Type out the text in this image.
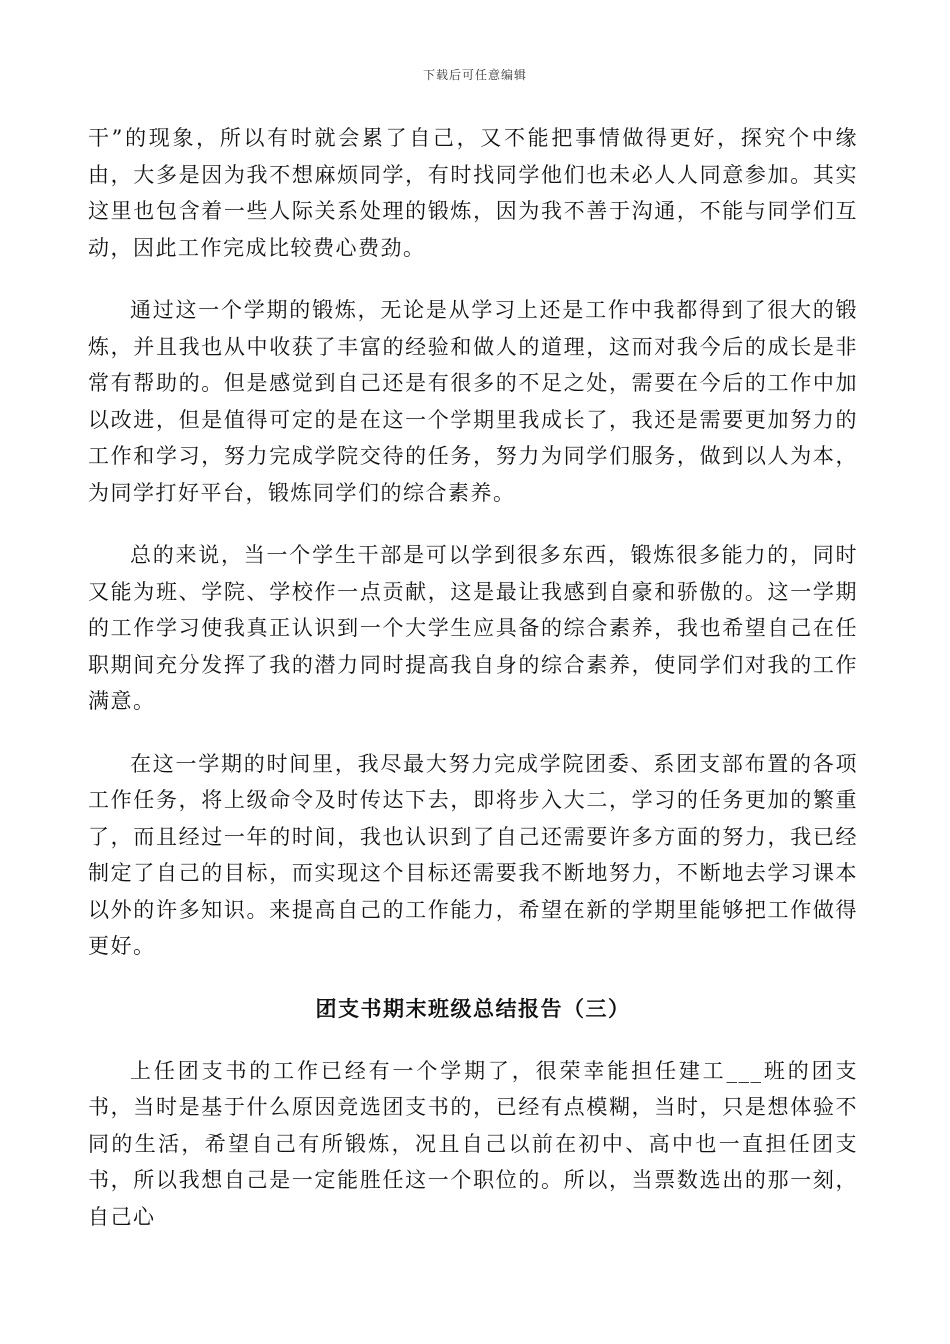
下载后可任意编辑

干”的现象，所以有时就会累了自己，又不能把事情做得更好，探究个中缘由，大多是因为我不想麻烦同学，有时找同学他们也未必人人同意参加。其实这里也包含着一些人际关系处理的锻炼，因为我不善于沟通，不能与同学们互动，因此工作完成比较费心费劲。

通过这一个学期的锻炼，无论是从学习上还是工作中我都得到了很大的锻炼，并且我也从中收获了丰富的经验和做人的道理，这而对我今后的成长是非常有帮助的。但是感觉到自己还是有很多的不足之处，需要在今后的工作中加以改进，但是值得可定的是在这一个学期里我成长了，我还是需要更加努力的工作和学习，努力完成学院交待的任务，努力为同学们服务，做到以人为本，为同学打好平台，锻炼同学们的综合素养。

总的来说，当一个学生干部是可以学到很多东西，锻炼很多能力的，同时又能为班、学院、学校作一点贡献，这是最让我感到自豪和骄傲的。这一学期的工作学习使我真正认识到一个大学生应具备的综合素养，我也希望自己在任职期间充分发挥了我的潜力同时提高我自身的综合素养，使同学们对我的工作满意。

在这一学期的时间里，我尽最大努力完成学院团委、系团支部布置的各项工作任务，将上级命令及时传达下去，即将步入大二，学习的任务更加的繁重了，而且经过一年的时间，我也认识到了自己还需要许多方面的努力，我已经制定了自己的目标，而实现这个目标还需要我不断地努力，不断地去学习课本以外的许多知识。来提高自己的工作能力，希望在新的学期里能够把工作做得更好。

团支书期末班级总结报告（三）

上任团支书的工作已经有一个学期了，很荣幸能担任建工___班的团支书，当时是基于什么原因竞选团支书的，已经有点模糊，当时，只是想体验不同的生活，希望自己有所锻炼，况且自己以前在初中、高中也一直担任团支书，所以我想自己是一定能胜任这一个职位的。所以，当票数选出的那一刻，自己心
